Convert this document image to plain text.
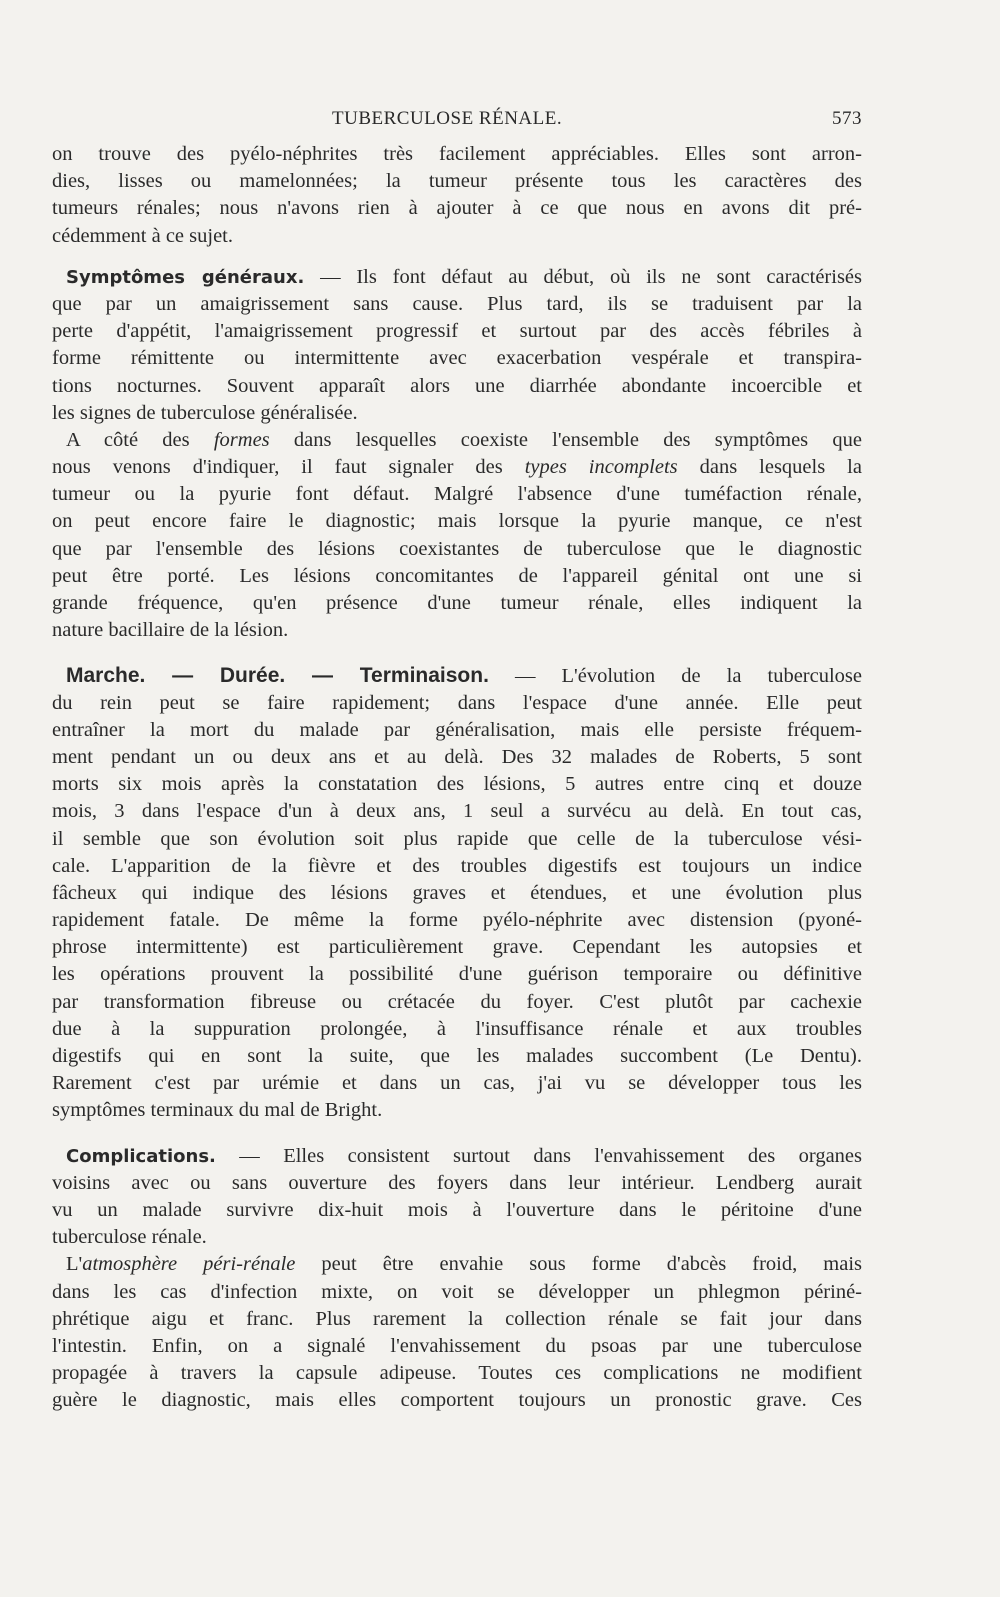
TUBERCULOSE RÉNALE.	573
on trouve des pyélo-néphrites très facilement appréciables. Elles sont arron-
dies, lisses ou mamelonnées; la tumeur présente tous les caractères des
tumeurs rénales; nous n'avons rien à ajouter à ce que nous en avons dit pré-
cédemment à ce sujet.
Symptômes généraux. — Ils font défaut au début, où ils ne sont caractérisés
que par un amaigrissement sans cause. Plus tard, ils se traduisent par la
perte d'appétit, l'amaigrissement progressif et surtout par des accès fébriles à
forme rémittente ou intermittente avec exacerbation vespérale et transpira-
tions nocturnes. Souvent apparaît alors une diarrhée abondante incoercible et
les signes de tuberculose généralisée.
A côté des formes dans lesquelles coexiste l'ensemble des symptômes que
nous venons d'indiquer, il faut signaler des types incomplets dans lesquels la
tumeur ou la pyurie font défaut. Malgré l'absence d'une tuméfaction rénale,
on peut encore faire le diagnostic; mais lorsque la pyurie manque, ce n'est
que par l'ensemble des lésions coexistantes de tuberculose que le diagnostic
peut être porté. Les lésions concomitantes de l'appareil génital ont une si
grande fréquence, qu'en présence d'une tumeur rénale, elles indiquent la
nature bacillaire de la lésion.
Marche. — Durée. — Terminaison. — L'évolution de la tuberculose
du rein peut se faire rapidement; dans l'espace d'une année. Elle peut
entraîner la mort du malade par généralisation, mais elle persiste fréquem-
ment pendant un ou deux ans et au delà. Des 32 malades de Roberts, 5 sont
morts six mois après la constatation des lésions, 5 autres entre cinq et douze
mois, 3 dans l'espace d'un à deux ans, 1 seul a survécu au delà. En tout cas,
il semble que son évolution soit plus rapide que celle de la tuberculose vési-
cale. L'apparition de la fièvre et des troubles digestifs est toujours un indice
fâcheux qui indique des lésions graves et étendues, et une évolution plus
rapidement fatale. De même la forme pyélo-néphrite avec distension (pyoné-
phrose intermittente) est particulièrement grave. Cependant les autopsies et
les opérations prouvent la possibilité d'une guérison temporaire ou définitive
par transformation fibreuse ou crétacée du foyer. C'est plutôt par cachexie
due à la suppuration prolongée, à l'insuffisance rénale et aux troubles
digestifs qui en sont la suite, que les malades succombent (Le Dentu).
Rarement c'est par urémie et dans un cas, j'ai vu se développer tous les
symptômes terminaux du mal de Bright.
Complications. — Elles consistent surtout dans l'envahissement des organes
voisins avec ou sans ouverture des foyers dans leur intérieur. Lendberg aurait
vu un malade survivre dix-huit mois à l'ouverture dans le péritoine d'une
tuberculose rénale.
L'atmosphère péri-rénale peut être envahie sous forme d'abcès froid, mais
dans les cas d'infection mixte, on voit se développer un phlegmon périné-
phrétique aigu et franc. Plus rarement la collection rénale se fait jour dans
l'intestin. Enfin, on a signalé l'envahissement du psoas par une tuberculose
propagée à travers la capsule adipeuse. Toutes ces complications ne modifient
guère le diagnostic, mais elles comportent toujours un pronostic grave. Ces
